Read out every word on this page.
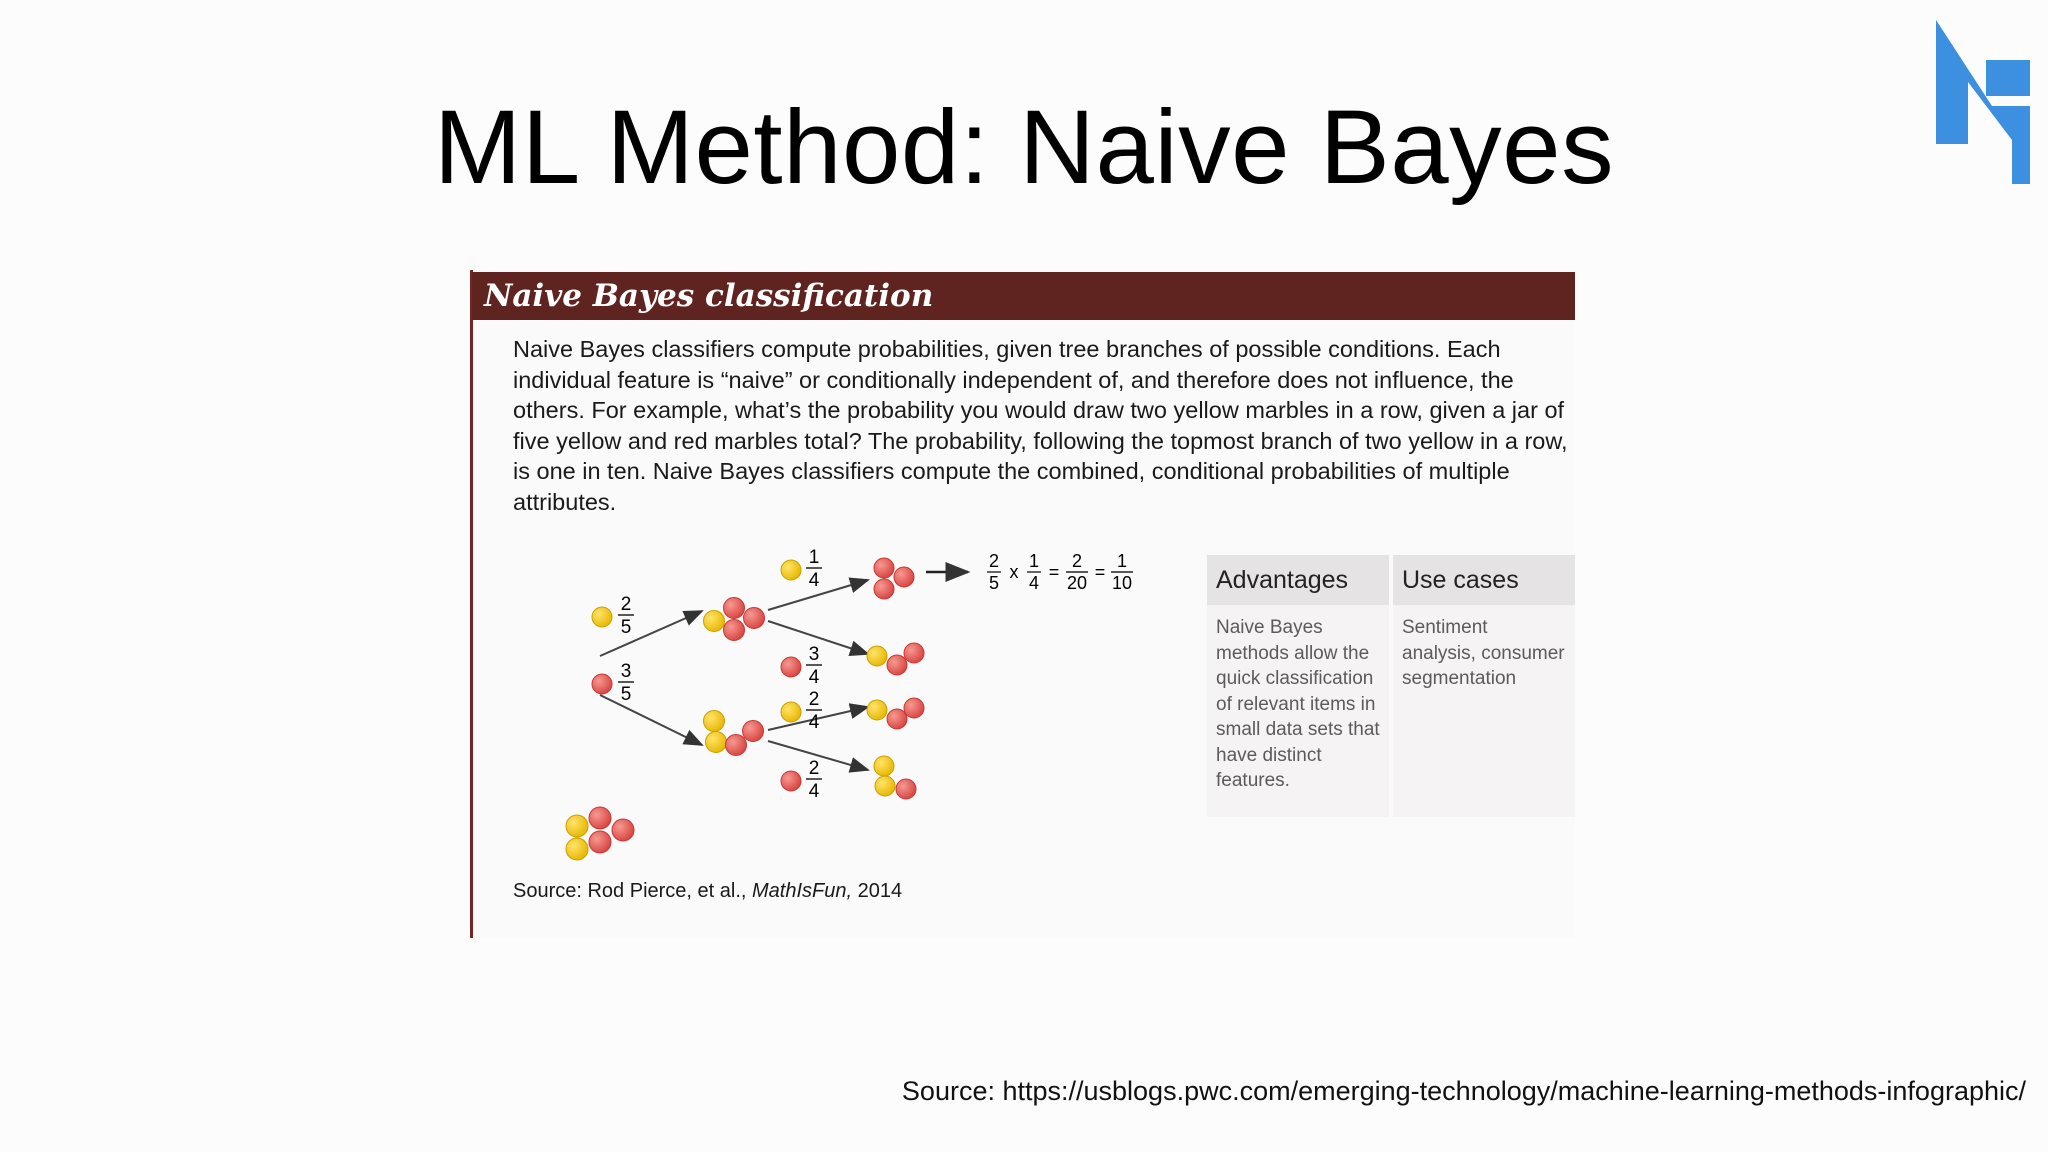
ML Method: Naive Bayes
Naive Bayes classification
Naive Bayes classifiers compute probabilities, given tree branches of possible conditions. Each individual feature is “naive” or conditionally independent of, and therefore does not influence, the others. For example, what’s the probability you would draw two yellow marbles in a row, given a jar of five yellow and red marbles total? The probability, following the topmost branch of two yellow in a row, is one in ten. Naive Bayes classifiers compute the combined, conditional probabilities of multiple attributes.
2
5
3
5
1
4
3
4
2
4
2
4
2
5
x
1
4
=
2
20
=
1
10	Advantages
Naive Bayes methods allow the quick classification of relevant items in small data sets that have distinct features.
Use cases
Sentiment analysis, consumer segmentation
Source: Rod Pierce, et al., MathIsFun, 2014
Source: https://usblogs.pwc.com/emerging-technology/machine-learning-methods-infographic/
